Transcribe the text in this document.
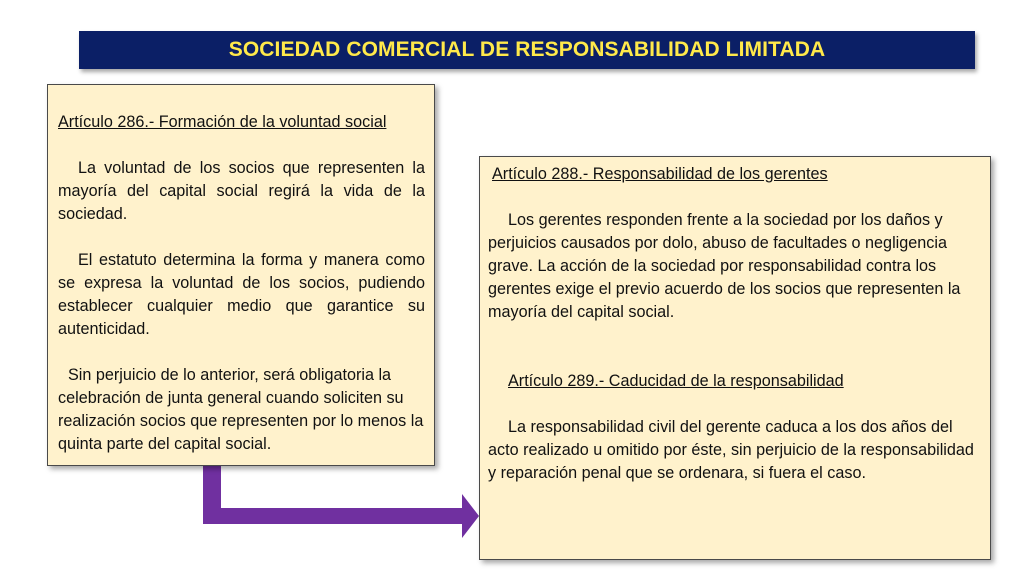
SOCIEDAD COMERCIAL DE RESPONSABILIDAD LIMITADA

Artículo 286.- Formación de la voluntad social

La voluntad de los socios que representen la mayoría del capital social regirá la vida de la sociedad.

El estatuto determina la forma y manera como se expresa la voluntad de los socios, pudiendo establecer cualquier medio que garantice su autenticidad.

Sin perjuicio de lo anterior, será obligatoria la celebración de junta general cuando soliciten su realización socios que representen por lo menos la quinta parte del capital social.

Artículo 288.- Responsabilidad de los gerentes

Los gerentes responden frente a la sociedad por los daños y perjuicios causados por dolo, abuso de facultades o negligencia grave. La acción de la sociedad por responsabilidad contra los gerentes exige el previo acuerdo de los socios que representen la mayoría del capital social.

Artículo 289.- Caducidad de la responsabilidad

La responsabilidad civil del gerente caduca a los dos años del acto realizado u omitido por éste, sin perjuicio de la responsabilidad y reparación penal que se ordenara, si fuera el caso.
